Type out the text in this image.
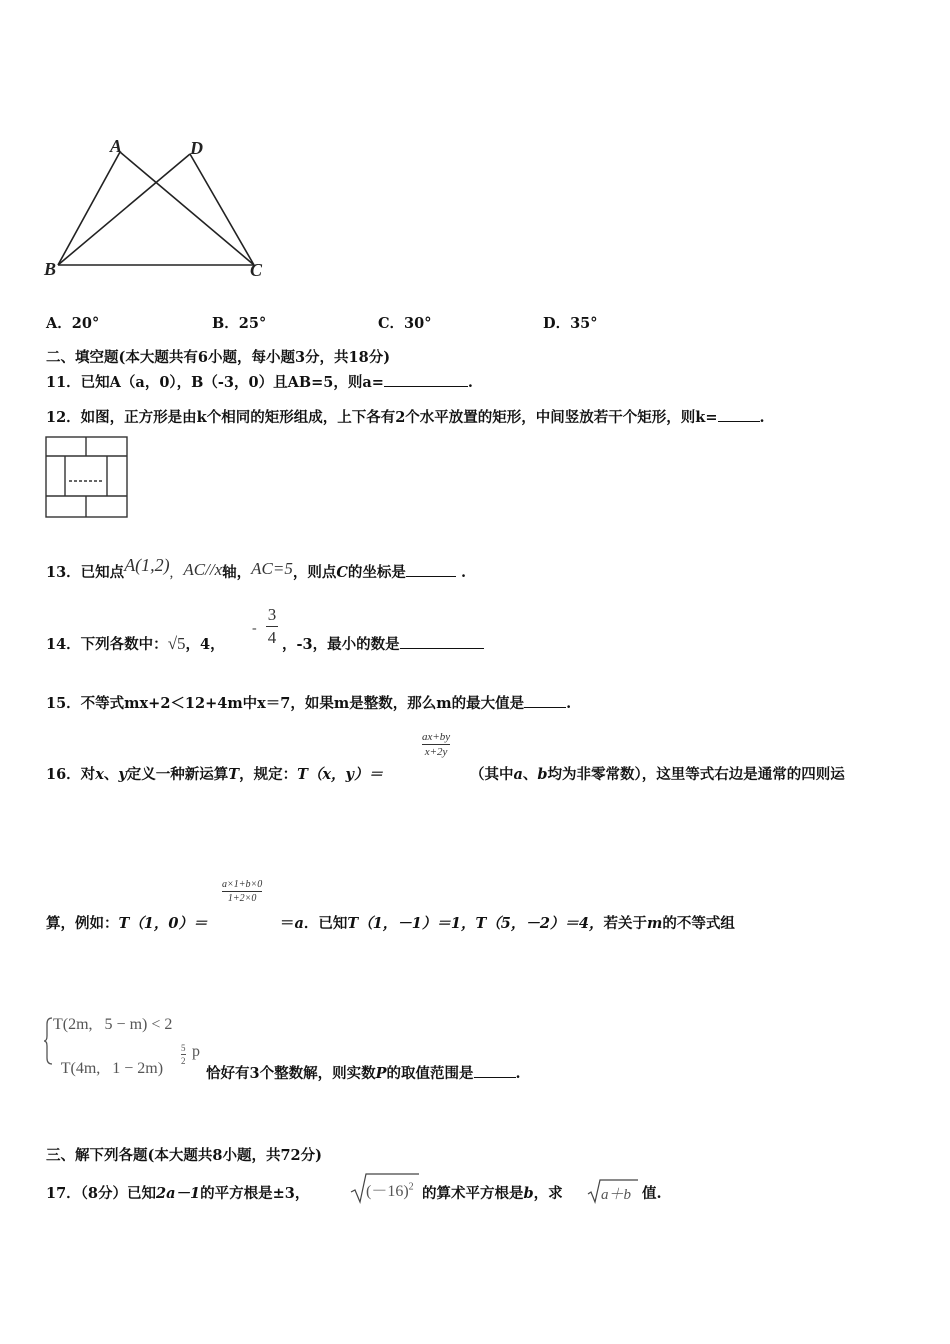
A	D
B	C
A．20°	B．25°	C．30°	D．35°
二、填空题(本大题共有6小题，每小题3分，共18分)
11．已知A（a，0），B（-3，0）且AB=5，则a=	.
12．如图，正方形是由k个相同的矩形组成，上下各有2个水平放置的矩形，中间竖放若干个矩形，则k=	.
13．已知点A(1,2), AC//x轴，AC=5，则点C的坐标是	.
14．下列各数中：√5，4，
-
3
4 ，-3，最小的数是
15．不等式mx+2＜12+4m中x＝7，如果m是整数，那么m的最大值是	.
16．对x、y定义一种新运算T，规定：T（x，y）＝
ax+by
x+2y
（其中a、b均为非零常数），这里等式右边是通常的四则运
算，例如：T（1，0）＝
a×1+b×0
1+2×0
＝a．已知T（1，－1）＝1，T（5，－2）＝4，若关于m的不等式组
T(2m,   5 − m) < 2

T(4m,   1 − 2m)

5
2
p
恰好有3个整数解，则实数P的取值范围是	.
三、解下列各题(本大题共8小题，共72分)
17．（8分）已知2a－1的平方根是±3，	$(-16)^2$ 的算术平方根是b，求	a＋b 值.
